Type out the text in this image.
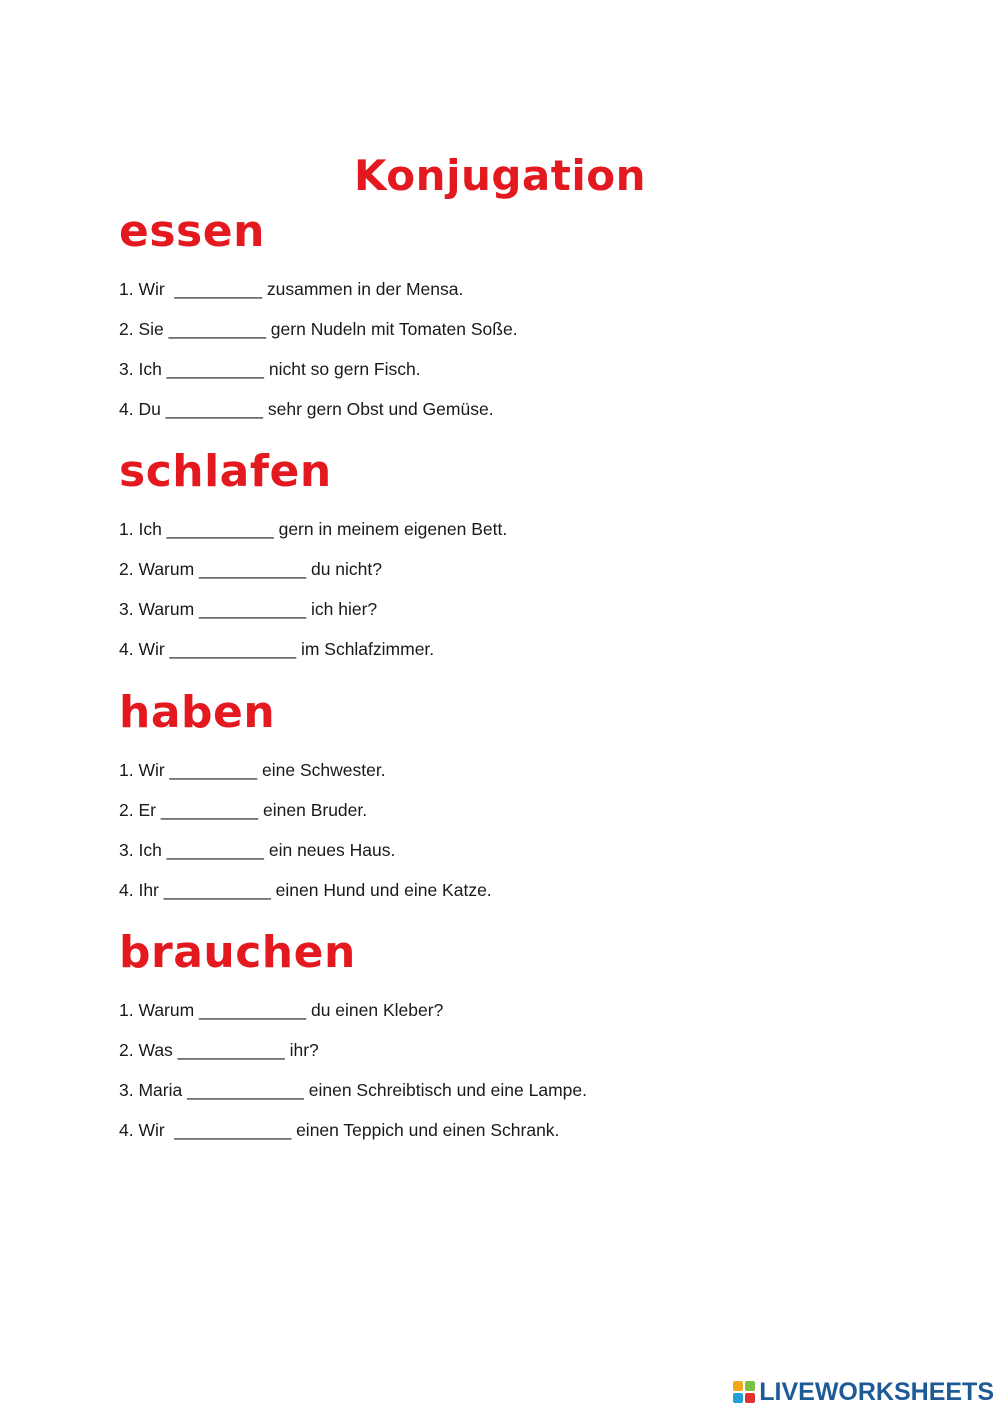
Konjugation
essen
1. Wir  _________ zusammen in der Mensa.
2. Sie __________ gern Nudeln mit Tomaten Soße.
3. Ich __________ nicht so gern Fisch.
4. Du __________ sehr gern Obst und Gemüse.
schlafen
1. Ich ___________ gern in meinem eigenen Bett.
2. Warum ___________ du nicht?
3. Warum ___________ ich hier?
4. Wir _____________ im Schlafzimmer.
haben
1. Wir _________ eine Schwester.
2. Er __________ einen Bruder.
3. Ich __________ ein neues Haus.
4. Ihr ___________ einen Hund und eine Katze.
brauchen
1. Warum ___________ du einen Kleber?
2. Was ___________ ihr?
3. Maria ____________ einen Schreibtisch und eine Lampe.
4. Wir  ____________ einen Teppich und einen Schrank.
LIVEWORKSHEETS
